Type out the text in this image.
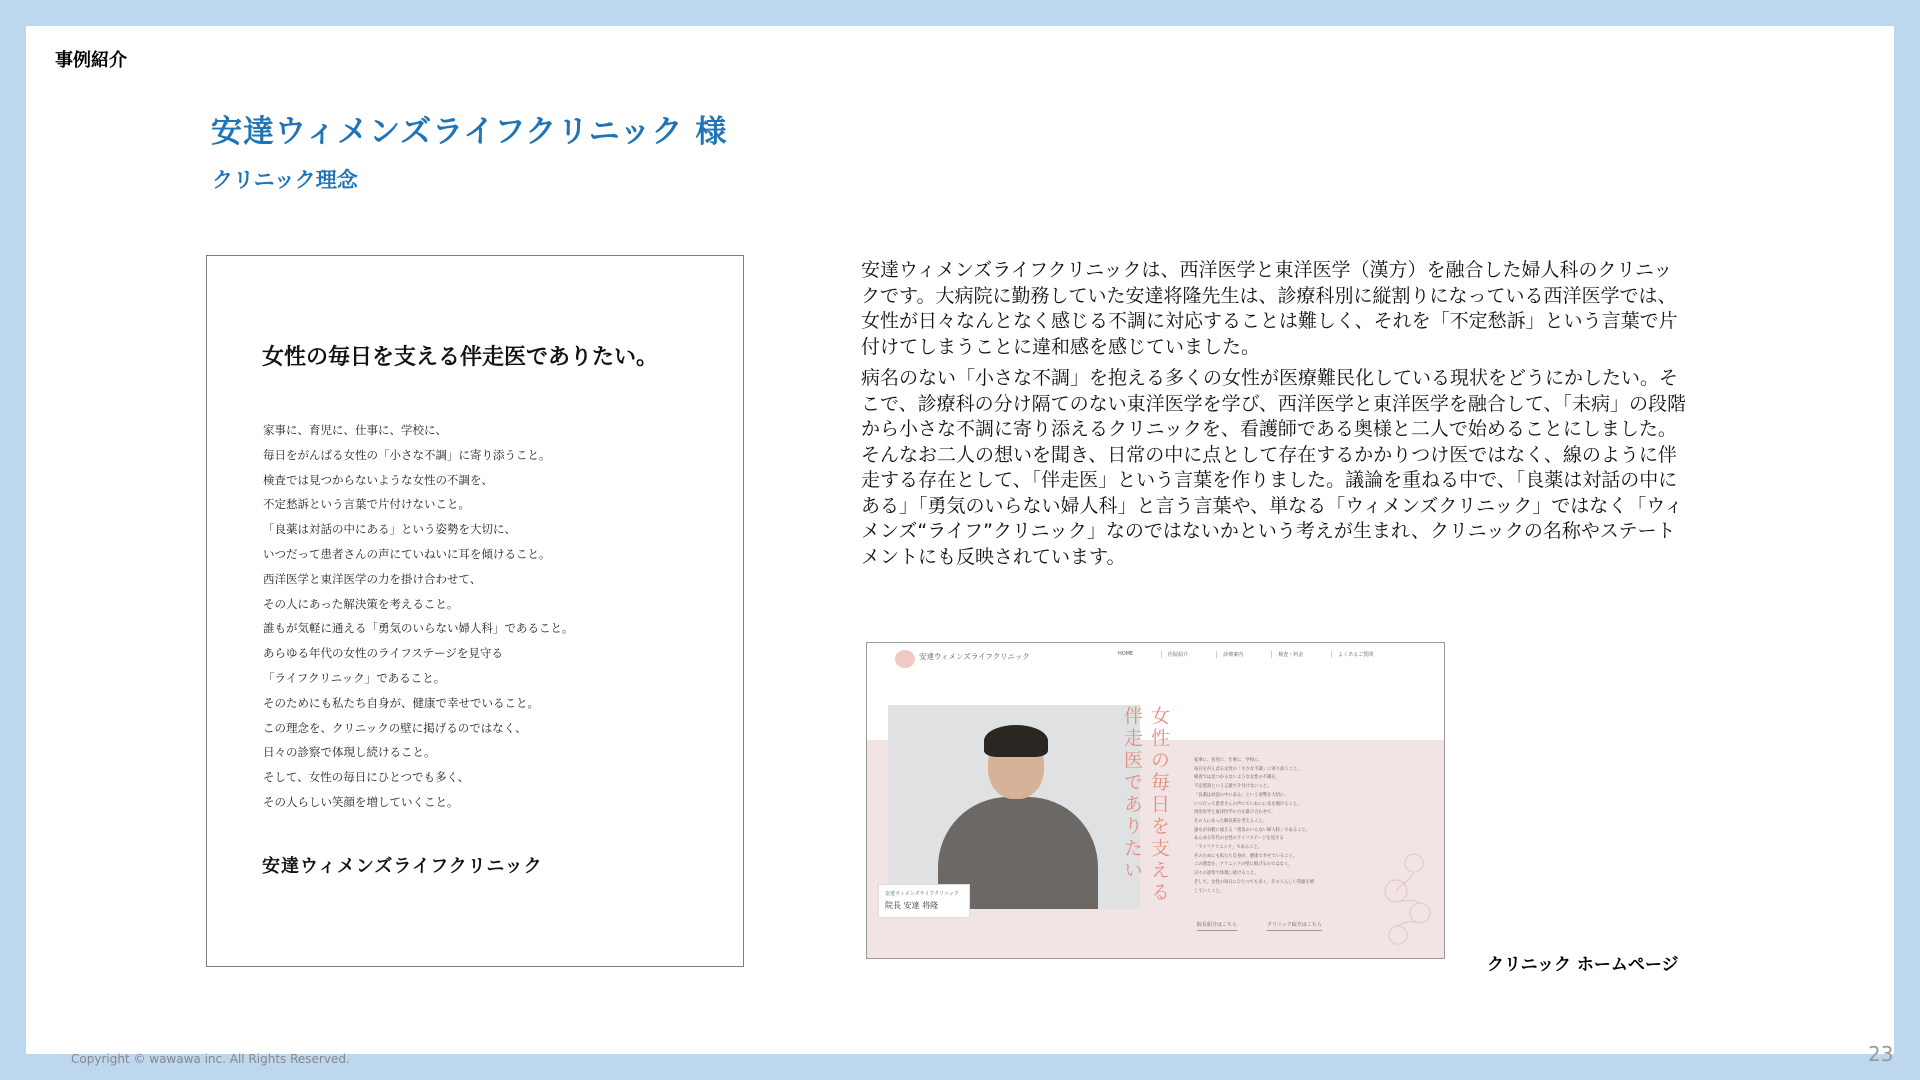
事例紹介
安達ウィメンズライフクリニック 様
クリニック理念
女性の毎日を支える伴走医でありたい。
家事に、育児に、仕事に、学校に、
毎日をがんばる女性の「小さな不調」に寄り添うこと。
検査では見つからないような女性の不調を、
不定愁訴という言葉で片付けないこと。
「良薬は対話の中にある」という姿勢を大切に、
いつだって患者さんの声にていねいに耳を傾けること。
西洋医学と東洋医学の力を掛け合わせて、
その人にあった解決策を考えること。
誰もが気軽に通える「勇気のいらない婦人科」であること。
あらゆる年代の女性のライフステージを見守る
「ライフクリニック」であること。
そのためにも私たち自身が、健康で幸せでいること。
この理念を、クリニックの壁に掲げるのではなく、
日々の診察で体現し続けること。
そして、女性の毎日にひとつでも多く、
その人らしい笑顔を増していくこと。
安達ウィメンズライフクリニック

安達ウィメンズライフクリニックは、西洋医学と東洋医学（漢方）を融合した婦人科のクリニックです。大病院に勤務していた安達将隆先生は、診療科別に縦割りになっている西洋医学では、女性が日々なんとなく感じる不調に対応することは難しく、それを「不定愁訴」という言葉で片付けてしまうことに違和感を感じていました。

病名のない「小さな不調」を抱える多くの女性が医療難民化している現状をどうにかしたい。そこで、診療科の分け隔てのない東洋医学を学び、西洋医学と東洋医学を融合して、「未病」の段階から小さな不調に寄り添えるクリニックを、看護師である奥様と二人で始めることにしました。

そんなお二人の想いを聞き、日常の中に点として存在するかかりつけ医ではなく、線のように伴走する存在として、「伴走医」という言葉を作りました。議論を重ねる中で、「良薬は対話の中にある」「勇気のいらない婦人科」と言う言葉や、単なる「ウィメンズクリニック」ではなく「ウィメンズ“ライフ”クリニック」なのではないかという考えが生まれ、クリニックの名称やステートメントにも反映されています。

安達ウィメンズライフクリニック	HOME	医院紹介	診療案内	検査・料金	よくあるご質問
安達ウィメンズライフクリニック
院長 安達 将隆
女性の毎日を支える
伴走医でありたい	家事に、育児に、仕事に、学校に、
毎日をがんばる女性の「小さな不調」に寄り添うこと。
検査では見つからないような女性の不調を、
不定愁訴という言葉で片付けないこと。
「良薬は対話の中にある」という姿勢を大切に、
いつだって患者さんの声にていねいに耳を傾けること。
西洋医学と東洋医学の力を掛け合わせて、
その人にあった解決策を考えること。
誰もが気軽に通える「勇気のいらない婦人科」であること。
あらゆる年代の女性のライフステージを見守る
「ライフクリニック」であること。
そのためにも私たち自身が、健康で幸せでいること。
この理念を、クリニックの壁に掲げるのではなく、
日々の診察で体現し続けること。
そして、女性の毎日にひとつでも多く、その人らしい笑顔を増
していくこと。
院長紹介はこちら	クリニック紹介はこちら
クリニック ホームページ
Copyright © wawawa inc. All Rights Reserved.	23
